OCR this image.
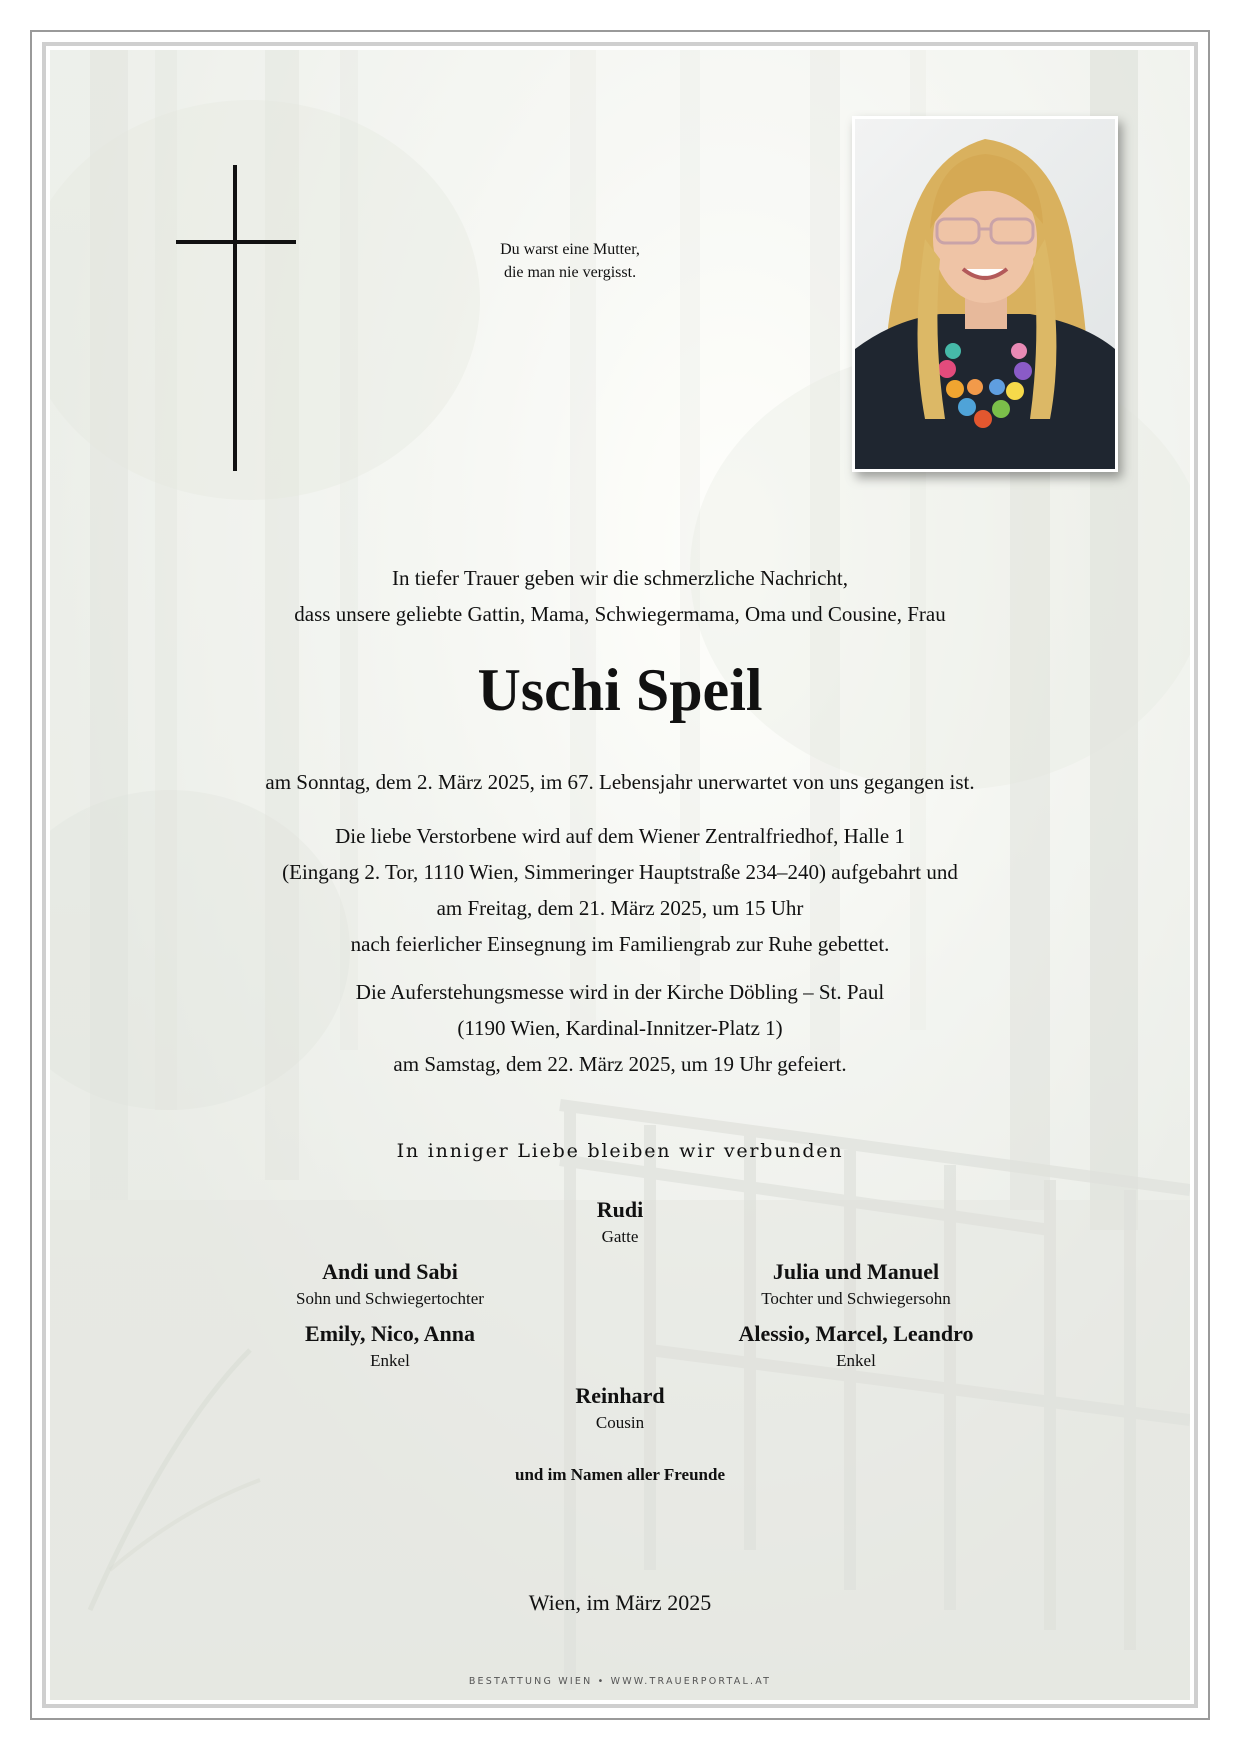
Du warst eine Mutter,
die man nie vergisst.
In tiefer Trauer geben wir die schmerzliche Nachricht,
dass unsere geliebte Gattin, Mama, Schwiegermama, Oma und Cousine, Frau
Uschi Speil
am Sonntag, dem 2. März 2025, im 67. Lebensjahr unerwartet von uns gegangen ist.
Die liebe Verstorbene wird auf dem Wiener Zentralfriedhof, Halle 1
(Eingang 2. Tor, 1110 Wien, Simmeringer Hauptstraße 234–240) aufgebahrt und
am Freitag, dem 21. März 2025, um 15 Uhr
nach feierlicher Einsegnung im Familiengrab zur Ruhe gebettet.
Die Auferstehungsmesse wird in der Kirche Döbling – St. Paul
(1190 Wien, Kardinal-Innitzer-Platz 1)
am Samstag, dem 22. März 2025, um 19 Uhr gefeiert.
In inniger Liebe bleiben wir verbunden
Rudi
Gatte
Andi und Sabi
Sohn und Schwiegertochter
Julia und Manuel
Tochter und Schwiegersohn
Emily, Nico, Anna
Enkel
Alessio, Marcel, Leandro
Enkel
Reinhard
Cousin
und im Namen aller Freunde
Wien, im März 2025
BESTATTUNG WIEN • WWW.TRAUERPORTAL.AT
